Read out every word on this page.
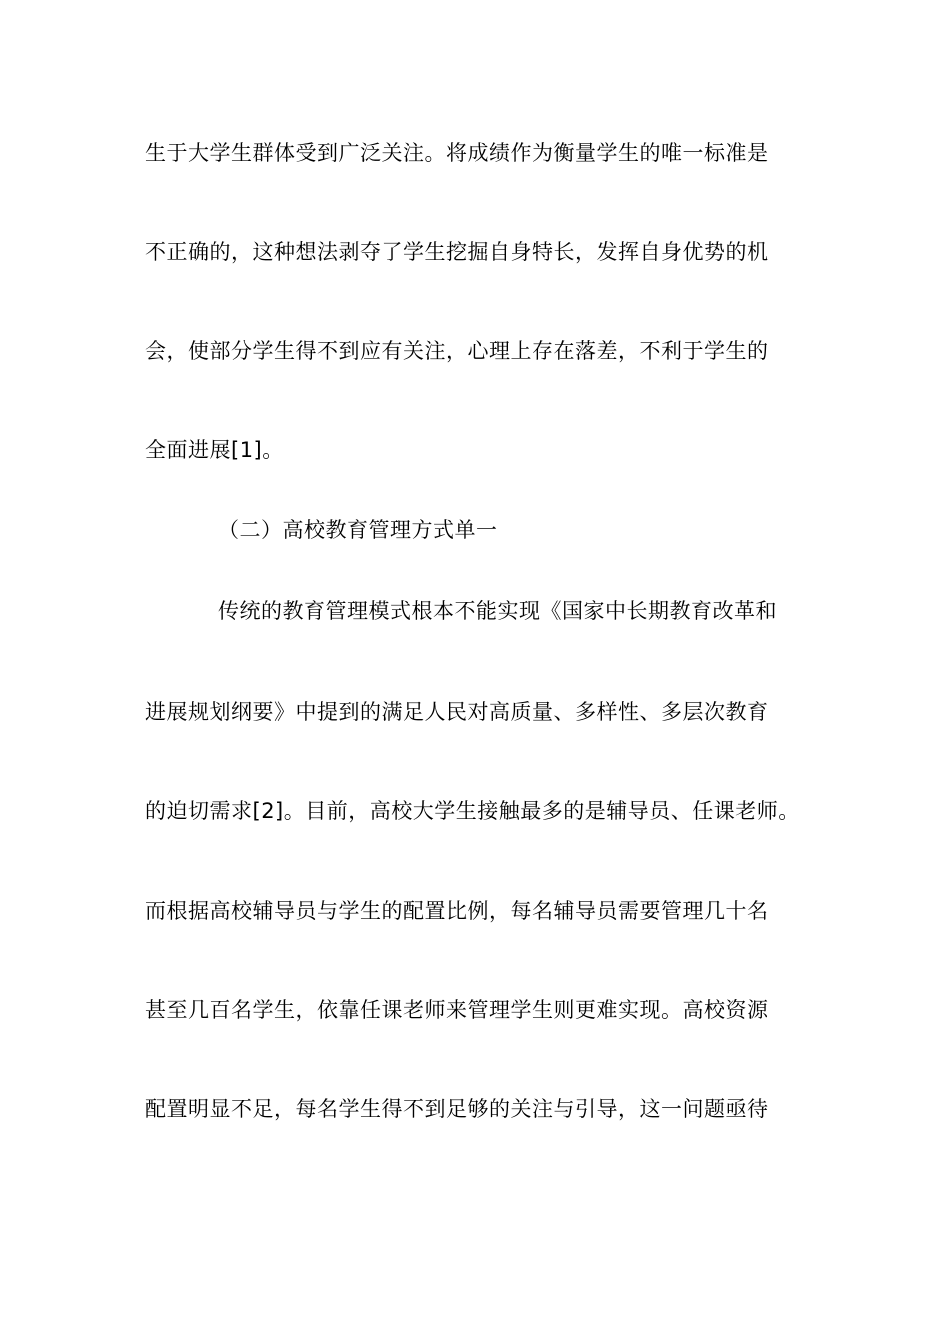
生于大学生群体受到广泛关注。将成绩作为衡量学生的唯一标准是
不正确的，这种想法剥夺了学生挖掘自身特长，发挥自身优势的机
会，使部分学生得不到应有关注，心理上存在落差，不利于学生的
全面进展[1]。
（二）高校教育管理方式单一
传统的教育管理模式根本不能实现《国家中长期教育改革和
进展规划纲要》中提到的满足人民对高质量、多样性、多层次教育
的迫切需求[2]。目前，高校大学生接触最多的是辅导员、任课老师。
而根据高校辅导员与学生的配置比例，每名辅导员需要管理几十名
甚至几百名学生，依靠任课老师来管理学生则更难实现。高校资源
配置明显不足，每名学生得不到足够的关注与引导，这一问题亟待
